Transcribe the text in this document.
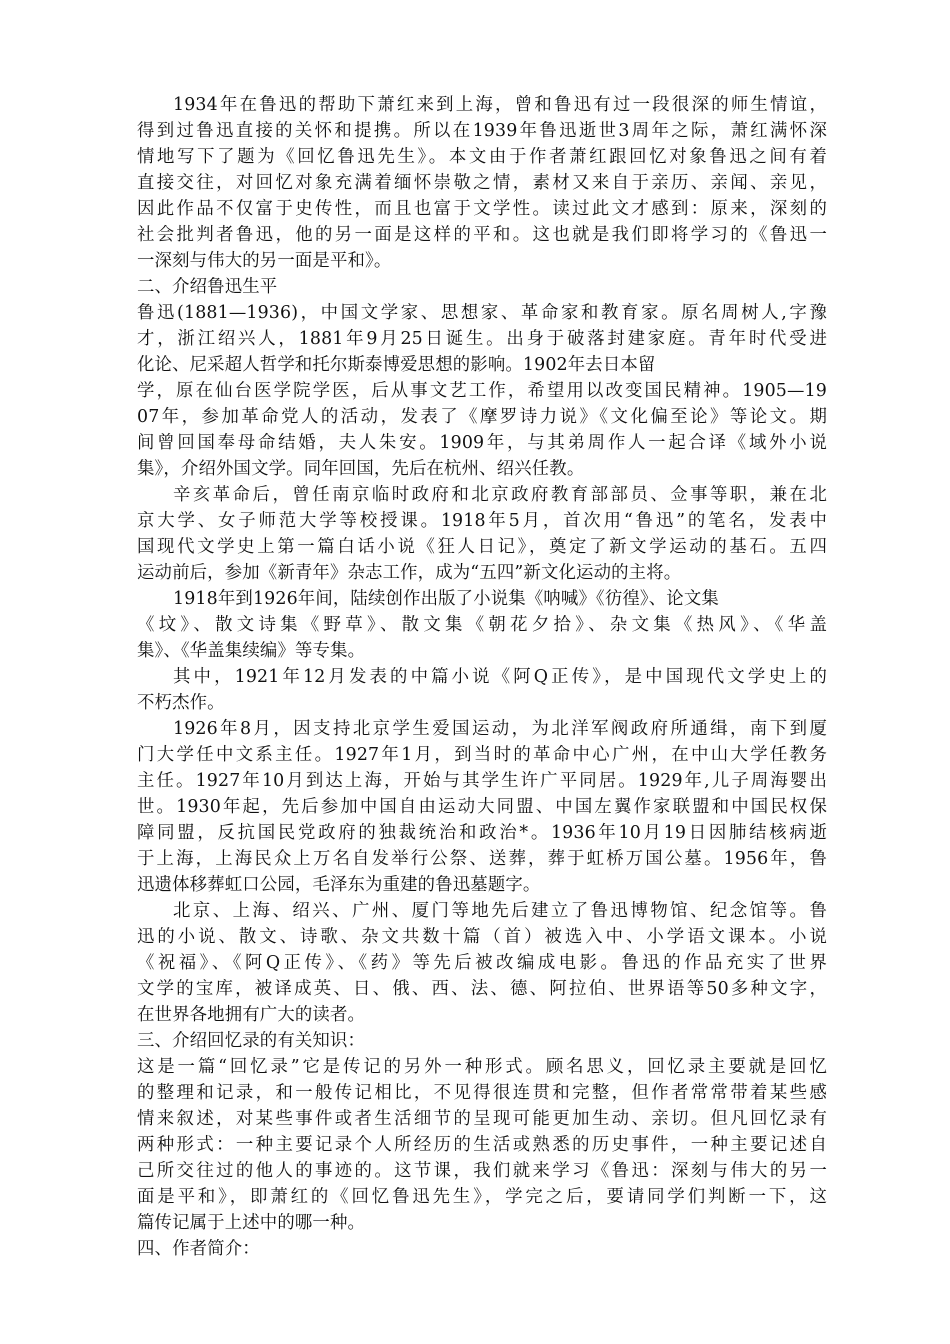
1934年在鲁迅的帮助下萧红来到上海，曾和鲁迅有过一段很深的师生情谊，
得到过鲁迅直接的关怀和提携。所以在1939年鲁迅逝世3周年之际，萧红满怀深
情地写下了题为《回忆鲁迅先生》。本文由于作者萧红跟回忆对象鲁迅之间有着
直接交往，对回忆对象充满着缅怀崇敬之情，素材又来自于亲历、亲闻、亲见，
因此作品不仅富于史传性，而且也富于文学性。读过此文才感到：原来，深刻的
社会批判者鲁迅，他的另一面是这样的平和。这也就是我们即将学习的《鲁迅一
一深刻与伟大的另一面是平和》。
二、介绍鲁迅生平
鲁迅(1881—1936)，中国文学家、思想家、革命家和教育家。原名周树人,字豫
才，浙江绍兴人，1881年9月25日诞生。出身于破落封建家庭。青年时代受进
化论、尼采超人哲学和托尔斯泰博爱思想的影响。1902年去日本留
学，原在仙台医学院学医，后从事文艺工作，希望用以改变国民精神。1905—19
07年，参加革命党人的活动，发表了《摩罗诗力说》《文化偏至论》等论文。期
间曾回国奉母命结婚，夫人朱安。1909年，与其弟周作人一起合译《域外小说
集》，介绍外国文学。同年回国，先后在杭州、绍兴任教。
辛亥革命后，曾任南京临时政府和北京政府教育部部员、佥事等职，兼在北
京大学、女子师范大学等校授课。1918年5月，首次用“鲁迅”的笔名，发表中
国现代文学史上第一篇白话小说《狂人日记》，奠定了新文学运动的基石。五四
运动前后，参加《新青年》杂志工作，成为“五四”新文化运动的主将。
1918年到1926年间，陆续创作出版了小说集《呐喊》《彷徨》、论文集
《坟》、散文诗集《野草》、散文集《朝花夕拾》、杂文集《热风》、《华盖
集》、《华盖集续编》等专集。
其中，1921年12月发表的中篇小说《阿Q正传》，是中国现代文学史上的
不朽杰作。
1926年8月，因支持北京学生爱国运动，为北洋军阀政府所通缉，南下到厦
门大学任中文系主任。1927年1月，到当时的革命中心广州，在中山大学任教务
主任。1927年10月到达上海，开始与其学生许广平同居。1929年,儿子周海婴出
世。1930年起，先后参加中国自由运动大同盟、中国左翼作家联盟和中国民权保
障同盟，反抗国民党政府的独裁统治和政治*。1936年10月19日因肺结核病逝
于上海，上海民众上万名自发举行公祭、送葬，葬于虹桥万国公墓。1956年，鲁
迅遗体移葬虹口公园，毛泽东为重建的鲁迅墓题字。
北京、上海、绍兴、广州、厦门等地先后建立了鲁迅博物馆、纪念馆等。鲁
迅的小说、散文、诗歌、杂文共数十篇（首）被选入中、小学语文课本。小说
《祝福》、《阿Q正传》、《药》等先后被改编成电影。鲁迅的作品充实了世界
文学的宝库，被译成英、日、俄、西、法、德、阿拉伯、世界语等50多种文字，
在世界各地拥有广大的读者。
三、介绍回忆录的有关知识：
这是一篇“回忆录”它是传记的另外一种形式。顾名思义，回忆录主要就是回忆
的整理和记录，和一般传记相比，不见得很连贯和完整，但作者常常带着某些感
情来叙述，对某些事件或者生活细节的呈现可能更加生动、亲切。但凡回忆录有
两种形式：一种主要记录个人所经历的生活或熟悉的历史事件，一种主要记述自
己所交往过的他人的事迹的。这节课，我们就来学习《鲁迅：深刻与伟大的另一
面是平和》，即萧红的《回忆鲁迅先生》，学完之后，要请同学们判断一下，这
篇传记属于上述中的哪一种。
四、作者简介：
